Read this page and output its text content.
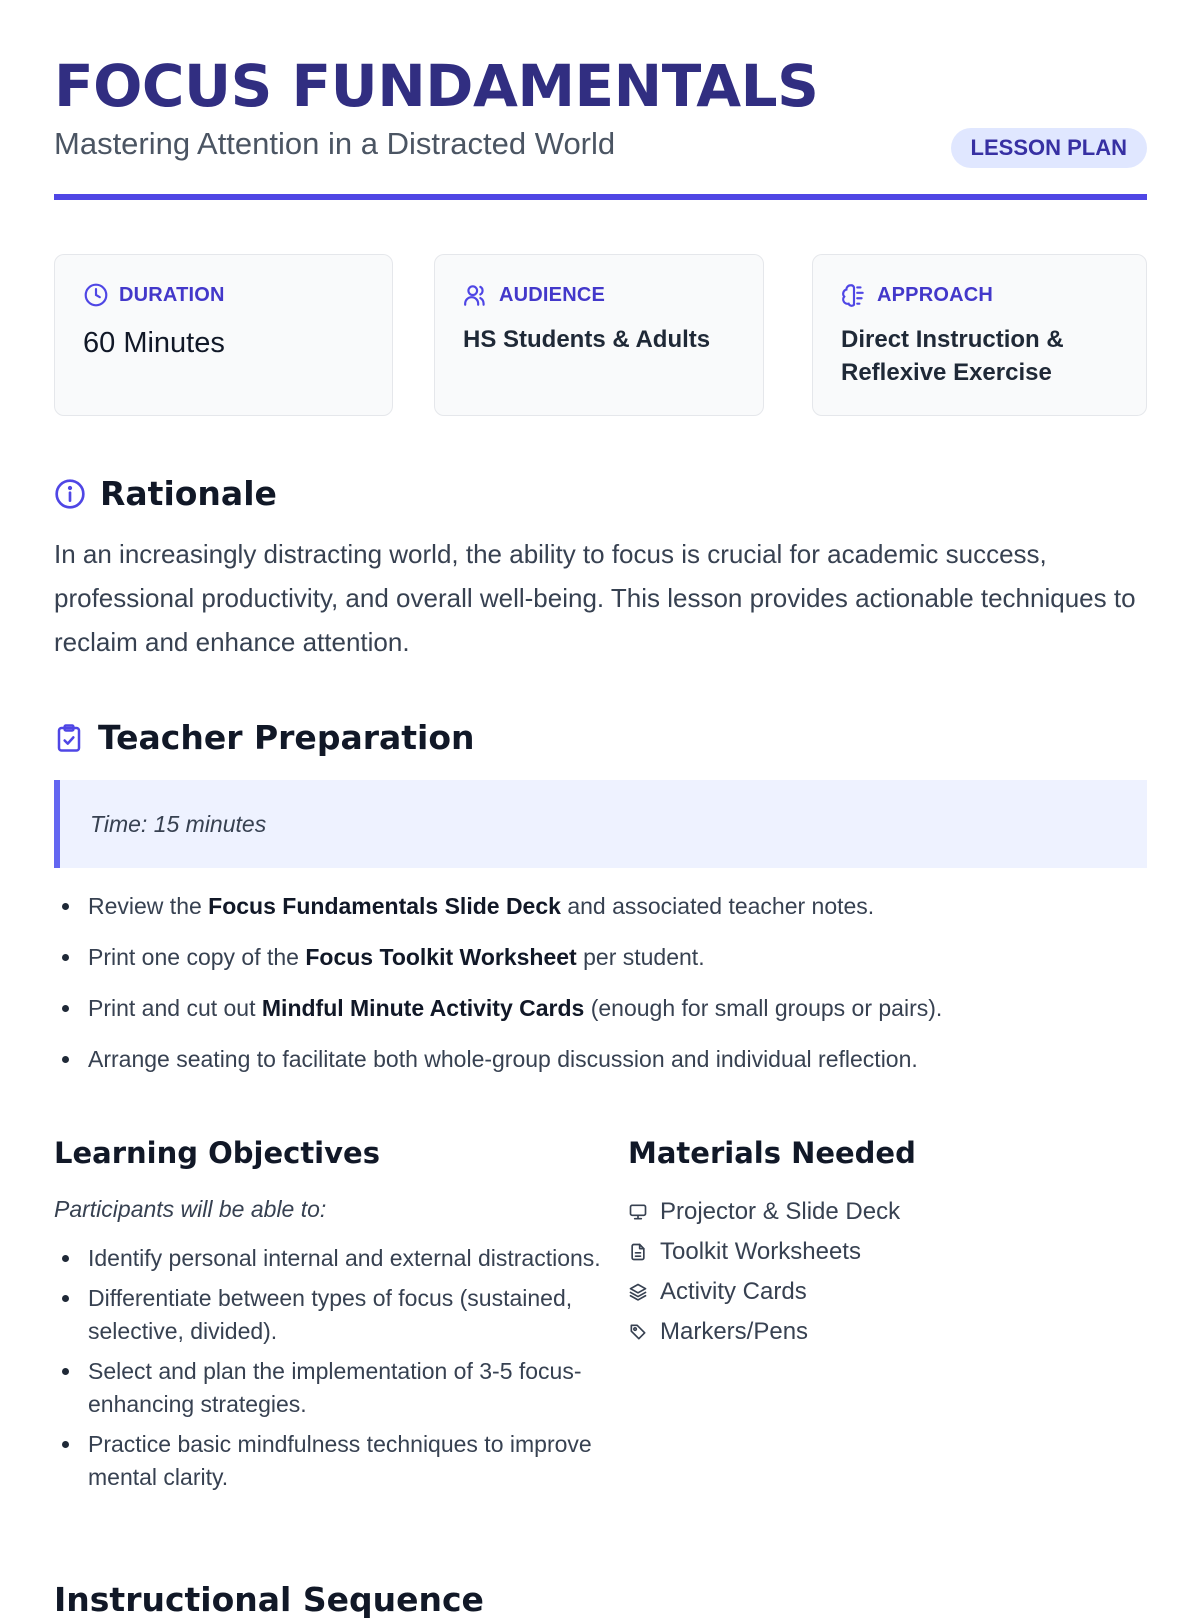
FOCUS FUNDAMENTALS
Mastering Attention in a Distracted World	LESSON PLAN
DURATION
60 Minutes
AUDIENCE
HS Students & Adults
APPROACH
Direct Instruction &
Reflexive Exercise
Rationale
In an increasingly distracting world, the ability to focus is crucial for academic success, professional productivity, and overall well-being. This lesson provides actionable techniques to reclaim and enhance attention.
Teacher Preparation
Time: 15 minutes
Review the Focus Fundamentals Slide Deck and associated teacher notes.
Print one copy of the Focus Toolkit Worksheet per student.
Print and cut out Mindful Minute Activity Cards (enough for small groups or pairs).
Arrange seating to facilitate both whole-group discussion and individual reflection.
Learning Objectives
Participants will be able to:
Identify personal internal and external distractions.
Differentiate between types of focus (sustained, selective, divided).
Select and plan the implementation of 3-5 focus-enhancing strategies.
Practice basic mindfulness techniques to improve mental clarity.
Materials Needed
Projector & Slide Deck
Toolkit Worksheets
Activity Cards
Markers/Pens
Instructional Sequence
